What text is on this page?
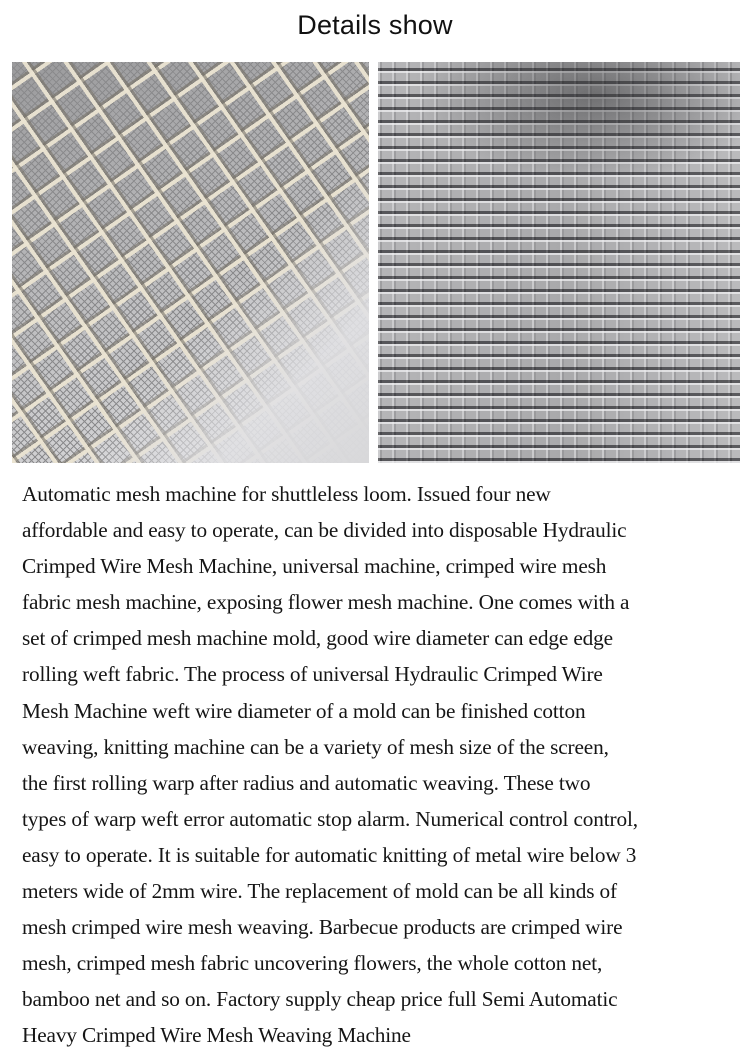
Details show
Automatic mesh machine for shuttleless loom. Issued four new
affordable and easy to operate, can be divided into disposable Hydraulic
Crimped Wire Mesh Machine, universal machine, crimped wire mesh
fabric mesh machine, exposing flower mesh machine. One comes with a
set of crimped mesh machine mold, good wire diameter can edge edge
rolling weft fabric. The process of universal Hydraulic Crimped Wire
Mesh Machine weft wire diameter of a mold can be finished cotton
weaving, knitting machine can be a variety of mesh size of the screen,
the first rolling warp after radius and automatic weaving. These two
types of warp weft error automatic stop alarm. Numerical control control,
easy to operate. It is suitable for automatic knitting of metal wire below 3
meters wide of 2mm wire. The replacement of mold can be all kinds of
mesh crimped wire mesh weaving. Barbecue products are crimped wire
mesh, crimped mesh fabric uncovering flowers, the whole cotton net,
bamboo net and so on. Factory supply cheap price full Semi Automatic
Heavy Crimped Wire Mesh Weaving Machine
